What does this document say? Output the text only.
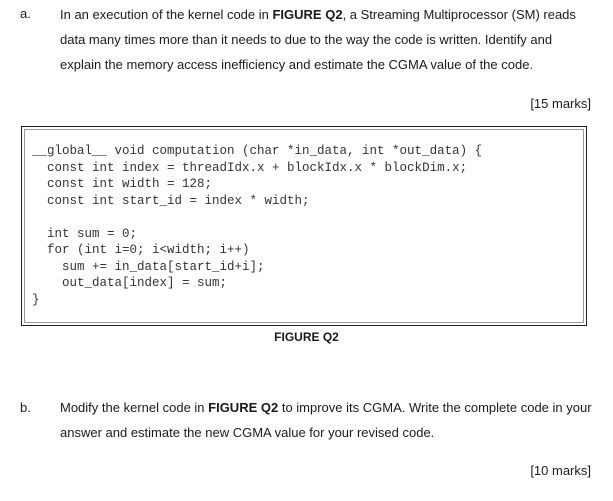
a. In an execution of the kernel code in FIGURE Q2, a Streaming Multiprocessor (SM) reads data many times more than it needs to due to the way the code is written. Identify and explain the memory access inefficiency and estimate the CGMA value of the code.
[15 marks]
__global__ void computation (char *in_data, int *out_data) {
const int index = threadIdx.x + blockIdx.x * blockDim.x;
const int width = 128;
const int start_id = index * width;

int sum = 0;
for (int i=0; i<width; i++)
sum += in_data[start_id+i];
out_data[index] = sum;
}
FIGURE Q2
b. Modify the kernel code in FIGURE Q2 to improve its CGMA. Write the complete code in your answer and estimate the new CGMA value for your revised code.
[10 marks]
